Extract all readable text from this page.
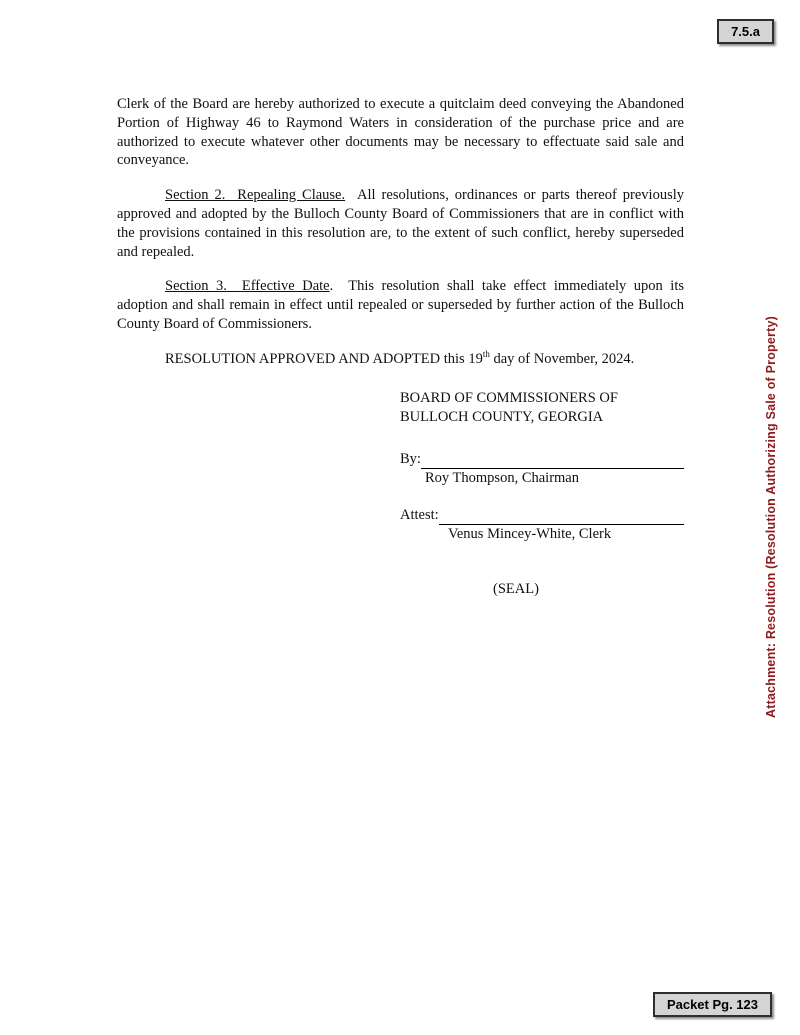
7.5.a
Attachment: Resolution (Resolution Authorizing Sale of Property)

Clerk of the Board are hereby authorized to execute a quitclaim deed conveying the Abandoned Portion of Highway 46 to Raymond Waters in consideration of the purchase price and are authorized to execute whatever other documents may be necessary to effectuate said sale and conveyance.

Section 2.  Repealing Clause.  All resolutions, ordinances or parts thereof previously approved and adopted by the Bulloch County Board of Commissioners that are in conflict with the provisions contained in this resolution are, to the extent of such conflict, hereby superseded and repealed.

Section 3.  Effective Date.  This resolution shall take effect immediately upon its adoption and shall remain in effect until repealed or superseded by further action of the Bulloch County Board of Commissioners.

RESOLUTION APPROVED AND ADOPTED this 19th day of November, 2024.

BOARD OF COMMISSIONERS OF
BULLOCH COUNTY, GEORGIA
By:
Roy Thompson, Chairman
Attest:
Venus Mincey-White, Clerk
(SEAL)
Packet Pg. 123
